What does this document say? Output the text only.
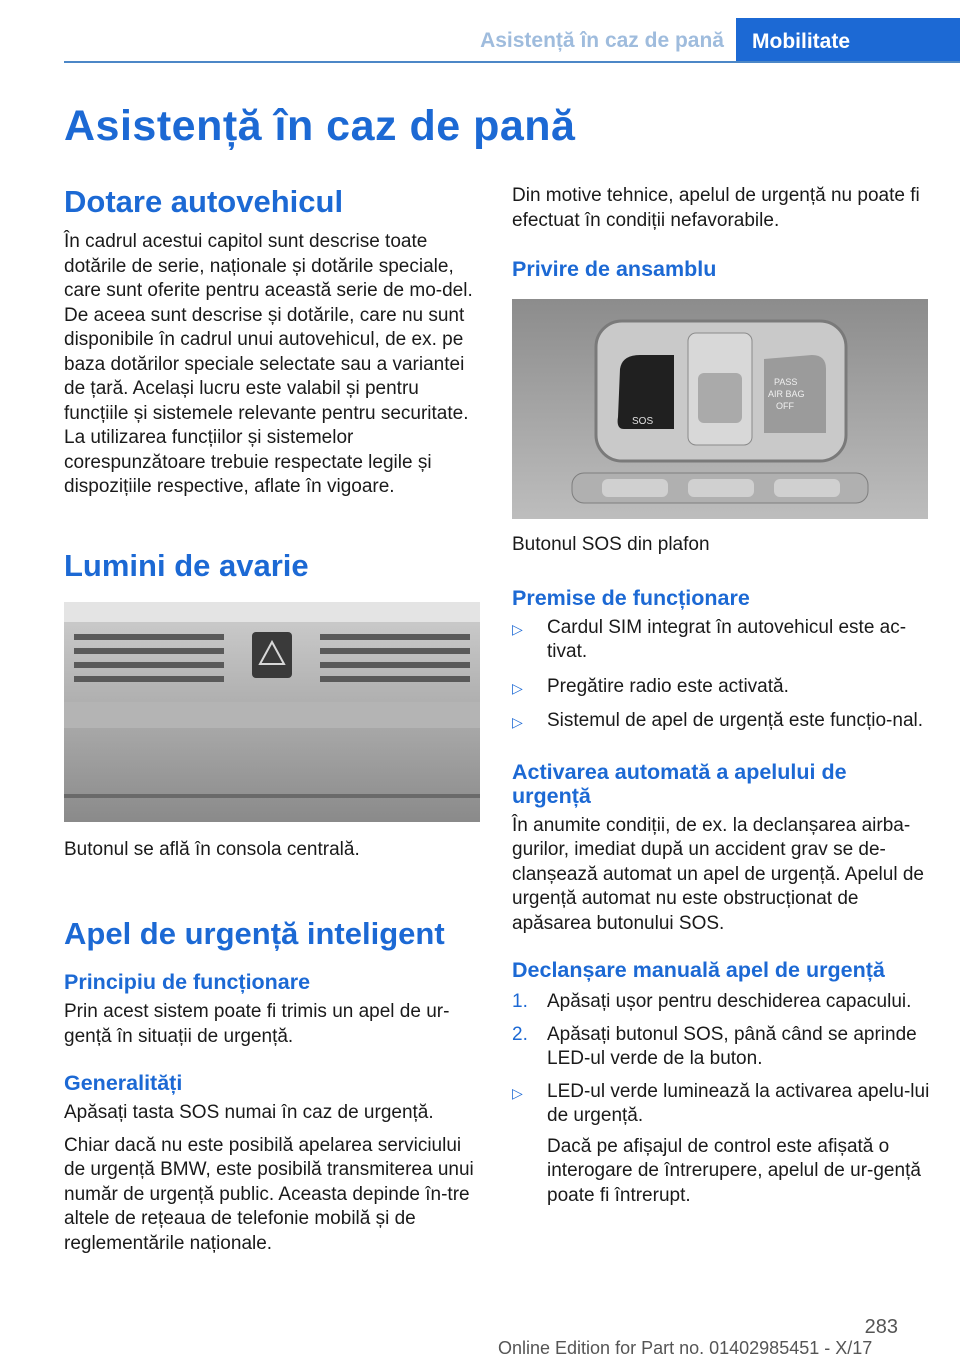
Asistență în caz de pană	Mobilitate
Asistență în caz de pană
Dotare autovehicul

În cadrul acestui capitol sunt descrise toate dotările de serie, naționale și dotările speciale, care sunt oferite pentru această serie de mo‐del. De aceea sunt descrise și dotările, care nu sunt disponibile în cadrul unui autovehicul, de ex. pe baza dotărilor speciale selectate sau a variantei de țară. Același lucru este valabil și pentru funcțiile și sistemele relevante pentru securitate. La utilizarea funcțiilor și sistemelor corespunzătoare trebuie respectate legile și dispozițiile respective, aflate în vigoare.

Lumini de avarie

Butonul se află în consola centrală.

Apel de urgență inteligent
Principiu de funcționare

Prin acest sistem poate fi trimis un apel de ur‐gență în situații de urgență.

Generalități

Apăsați tasta SOS numai în caz de urgență.

Chiar dacă nu este posibilă apelarea serviciului de urgență BMW, este posibilă transmiterea unui număr de urgență public. Aceasta depinde în‐tre altele de rețeaua de telefonie mobilă și de reglementările naționale.

Din motive tehnice, apelul de urgență nu poate fi efectuat în condiții nefavorabile.

Privire de ansamblu
SOS
PASS
AIR BAG
OFF

Butonul SOS din plafon

Premise de funcționare
▷ Cardul SIM integrat în autovehicul este ac‐tivat.
▷ Pregătire radio este activată.
▷ Sistemul de apel de urgență este funcțio‐nal.
Activarea automată a apelului de urgență

În anumite condiții, de ex. la declanșarea airba‐gurilor, imediat după un accident grav se de‐clanșează automat un apel de urgență. Apelul de urgență automat nu este obstrucționat de apăsarea butonului SOS.

Declanșare manuală apel de urgență
1. Apăsați ușor pentru deschiderea capacului.
2. Apăsați butonul SOS, până când se aprinde LED-ul verde de la buton.
▷ LED-ul verde luminează la activarea apelu‐lui de urgență.

Dacă pe afișajul de control este afișată o interogare de întrerupere, apelul de ur‐gență poate fi întrerupt.

283
Online Edition for Part no. 01402985451 - X/17
